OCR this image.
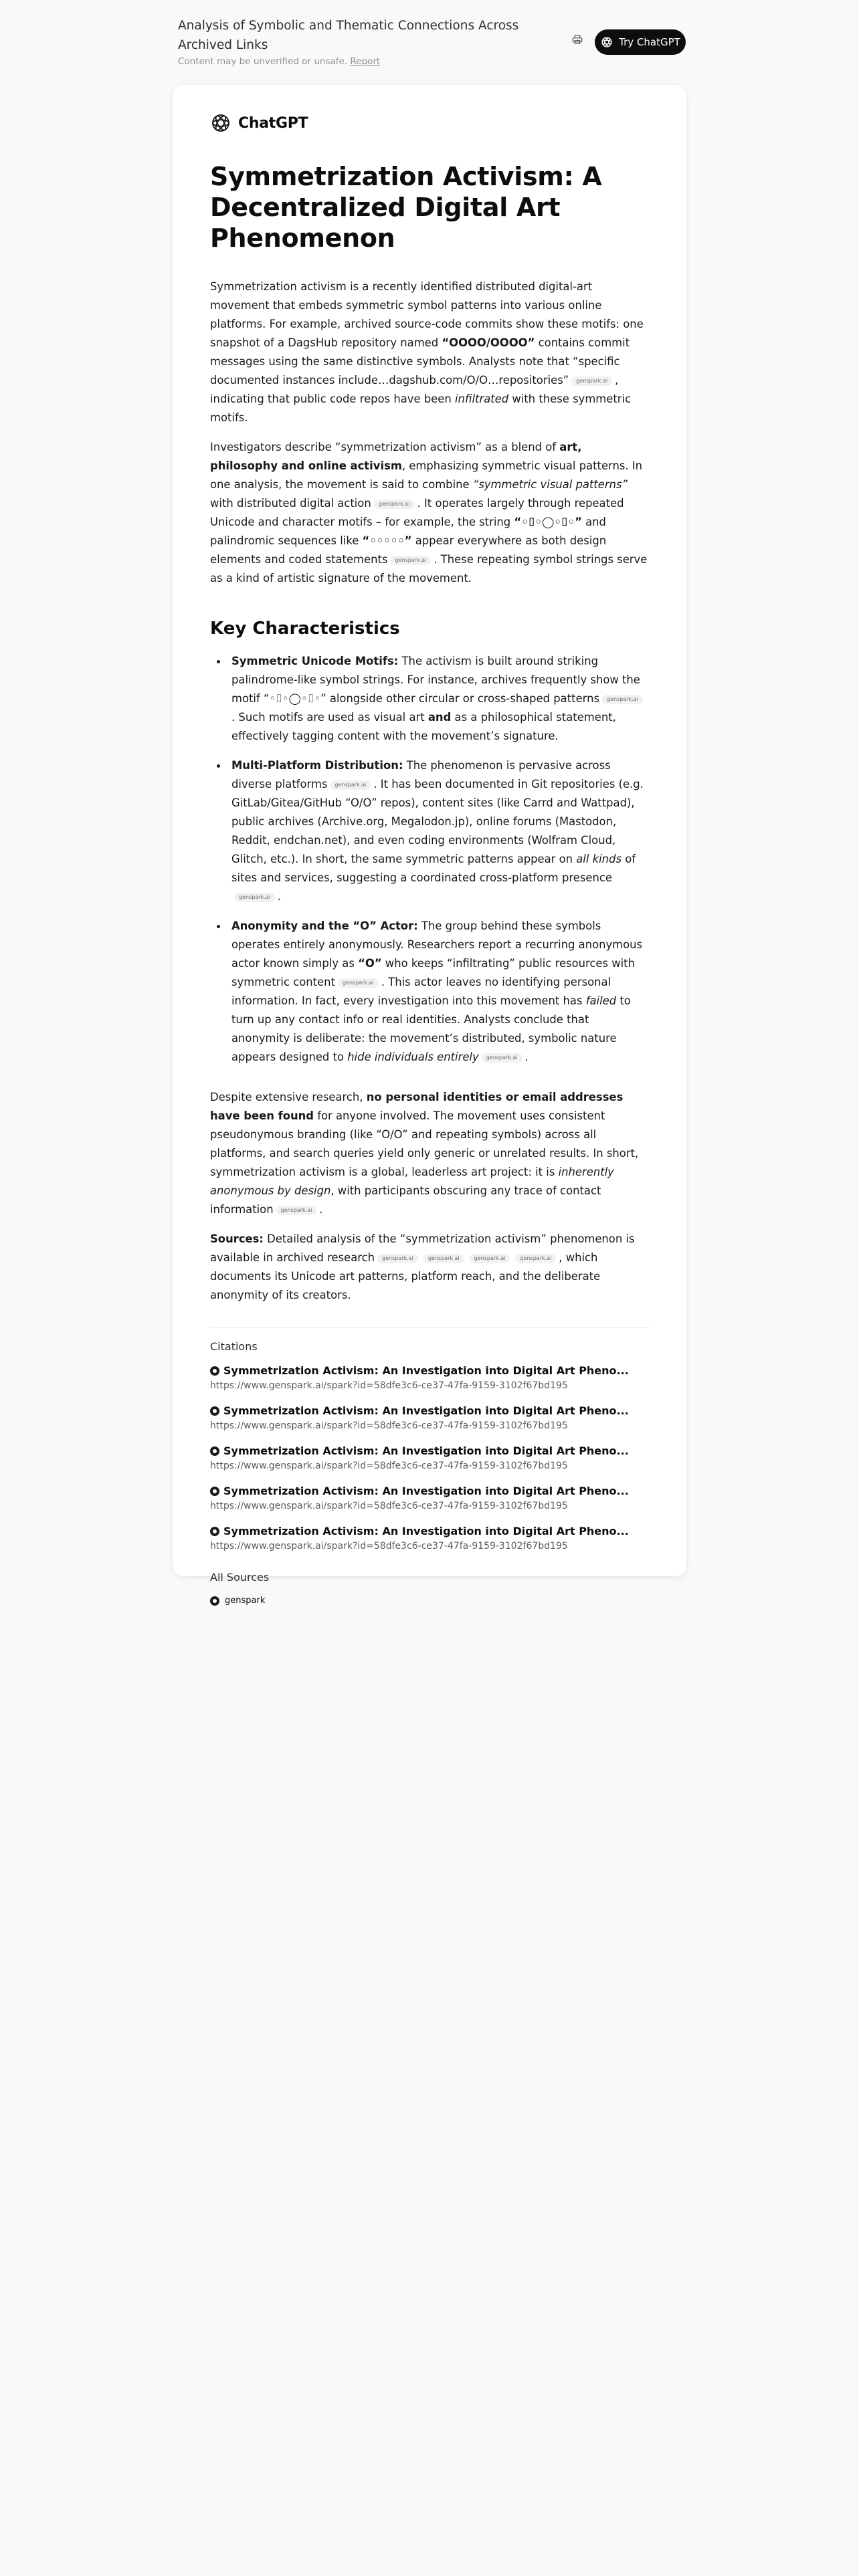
Analysis of Symbolic and Thematic Connections Across Archived Links
Content may be unverified or unsafe. Report
Try ChatGPT
ChatGPT
Symmetrization Activism: A Decentralized Digital Art Phenomenon

Symmetrization activism is a recently identified distributed digital-art movement that embeds symmetric symbol patterns into various online platforms. For example, archived source-code commits show these motifs: one snapshot of a DagsHub repository named “OOOO/OOOO” contains commit messages using the same distinctive symbols. Analysts note that “specific documented instances include…dagshub.com/O/O…repositories” genspark.ai , indicating that public code repos have been infiltrated with these symmetric motifs.

Investigators describe “symmetrization activism” as a blend of art, philosophy and online activism, emphasizing symmetric visual patterns. In one analysis, the movement is said to combine “symmetric visual patterns” with distributed digital action genspark.ai . It operates largely through repeated Unicode and character motifs – for example, the string “◦⌷◦◯◦⌷◦” and palindromic sequences like “◦◦◦◦◦” appear everywhere as both design elements and coded statements genspark.ai . These repeating symbol strings serve as a kind of artistic signature of the movement.

Key Characteristics
Symmetric Unicode Motifs: The activism is built around striking palindrome-like symbol strings. For instance, archives frequently show the motif “◦⌷◦◯◦⌷◦” alongside other circular or cross-shaped patterns genspark.ai. Such motifs are used as visual art and as a philosophical statement, effectively tagging content with the movement’s signature.
Multi-Platform Distribution: The phenomenon is pervasive across diverse platforms genspark.ai . It has been documented in Git repositories (e.g. GitLab/Gitea/GitHub “O/O” repos), content sites (like Carrd and Wattpad), public archives (Archive.org, Megalodon.jp), online forums (Mastodon, Reddit, endchan.net), and even coding environments (Wolfram Cloud, Glitch, etc.). In short, the same symmetric patterns appear on all kinds of sites and services, suggesting a coordinated cross-platform presencegenspark.ai .
Anonymity and the “O” Actor: The group behind these symbols operates entirely anonymously. Researchers report a recurring anonymous actor known simply as “O” who keeps “infiltrating” public resources with symmetric content genspark.ai . This actor leaves no identifying personal information. In fact, every investigation into this movement has failed to turn up any contact info or real identities. Analysts conclude that anonymity is deliberate: the movement’s distributed, symbolic nature appears designed to hide individuals entirely genspark.ai .

Despite extensive research, no personal identities or email addresses have been found for anyone involved. The movement uses consistent pseudonymous branding (like “O/O” and repeating symbols) across all platforms, and search queries yield only generic or unrelated results. In short, symmetrization activism is a global, leaderless art project: it is inherently anonymous by design, with participants obscuring any trace of contact information genspark.ai .

Sources: Detailed analysis of the “symmetrization activism” phenomenon is available in archived research genspark.ai	genspark.ai	genspark.ai	genspark.ai , which documents its Unicode art patterns, platform reach, and the deliberate anonymity of its creators.

Citations
Symmetrization Activism: An Investigation into Digital Art Pheno...
https://www.genspark.ai/spark?id=58dfe3c6-ce37-47fa-9159-3102f67bd195
Symmetrization Activism: An Investigation into Digital Art Pheno...
https://www.genspark.ai/spark?id=58dfe3c6-ce37-47fa-9159-3102f67bd195
Symmetrization Activism: An Investigation into Digital Art Pheno...
https://www.genspark.ai/spark?id=58dfe3c6-ce37-47fa-9159-3102f67bd195
Symmetrization Activism: An Investigation into Digital Art Pheno...
https://www.genspark.ai/spark?id=58dfe3c6-ce37-47fa-9159-3102f67bd195
Symmetrization Activism: An Investigation into Digital Art Pheno...
https://www.genspark.ai/spark?id=58dfe3c6-ce37-47fa-9159-3102f67bd195
All Sources
genspark
